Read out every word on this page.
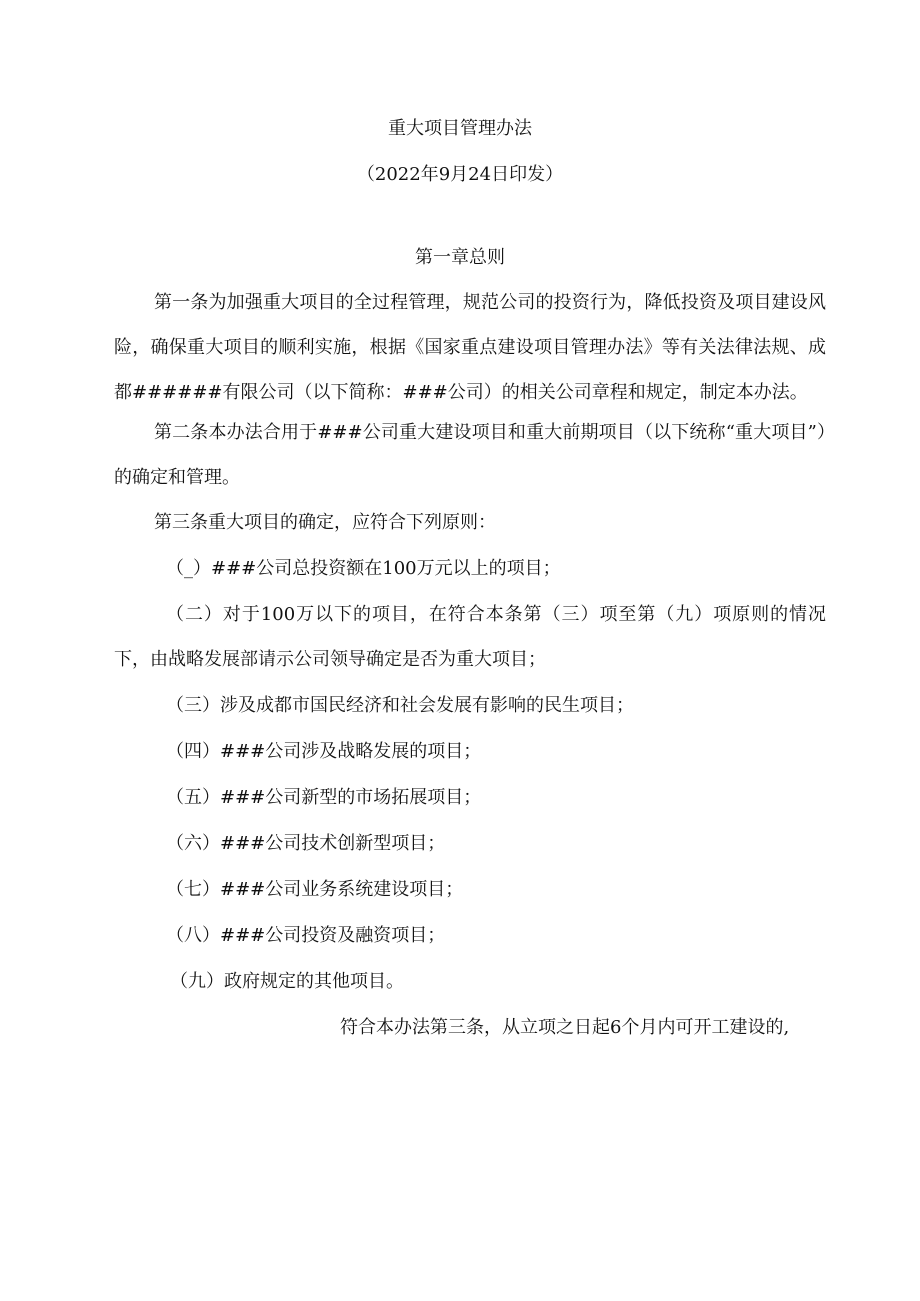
重大项目管理办法
（2022年9月24日印发）
第一章总则

第一条为加强重大项目的全过程管理，规范公司的投资行为，降低投资及项目建设风险，确保重大项目的顺利实施，根据《国家重点建设项目管理办法》等有关法律法规、成都######有限公司（以下简称：###公司）的相关公司章程和规定，制定本办法。

第二条本办法合用于###公司重大建设项目和重大前期项目（以下统称“重大项目”）的确定和管理。

第三条重大项目的确定，应符合下列原则：

（_）###公司总投资额在100万元以上的项目；

（二）对于100万以下的项目，在符合本条第（三）项至第（九）项原则的情况下，由战略发展部请示公司领导确定是否为重大项目；

（三）涉及成都市国民经济和社会发展有影响的民生项目；

（四）###公司涉及战略发展的项目；

（五）###公司新型的市场拓展项目；

（六）###公司技术创新型项目；

（七）###公司业务系统建设项目；

（八）###公司投资及融资项目；

（九）政府规定的其他项目。

符合本办法第三条，从立项之日起6个月内可开工建设的,
